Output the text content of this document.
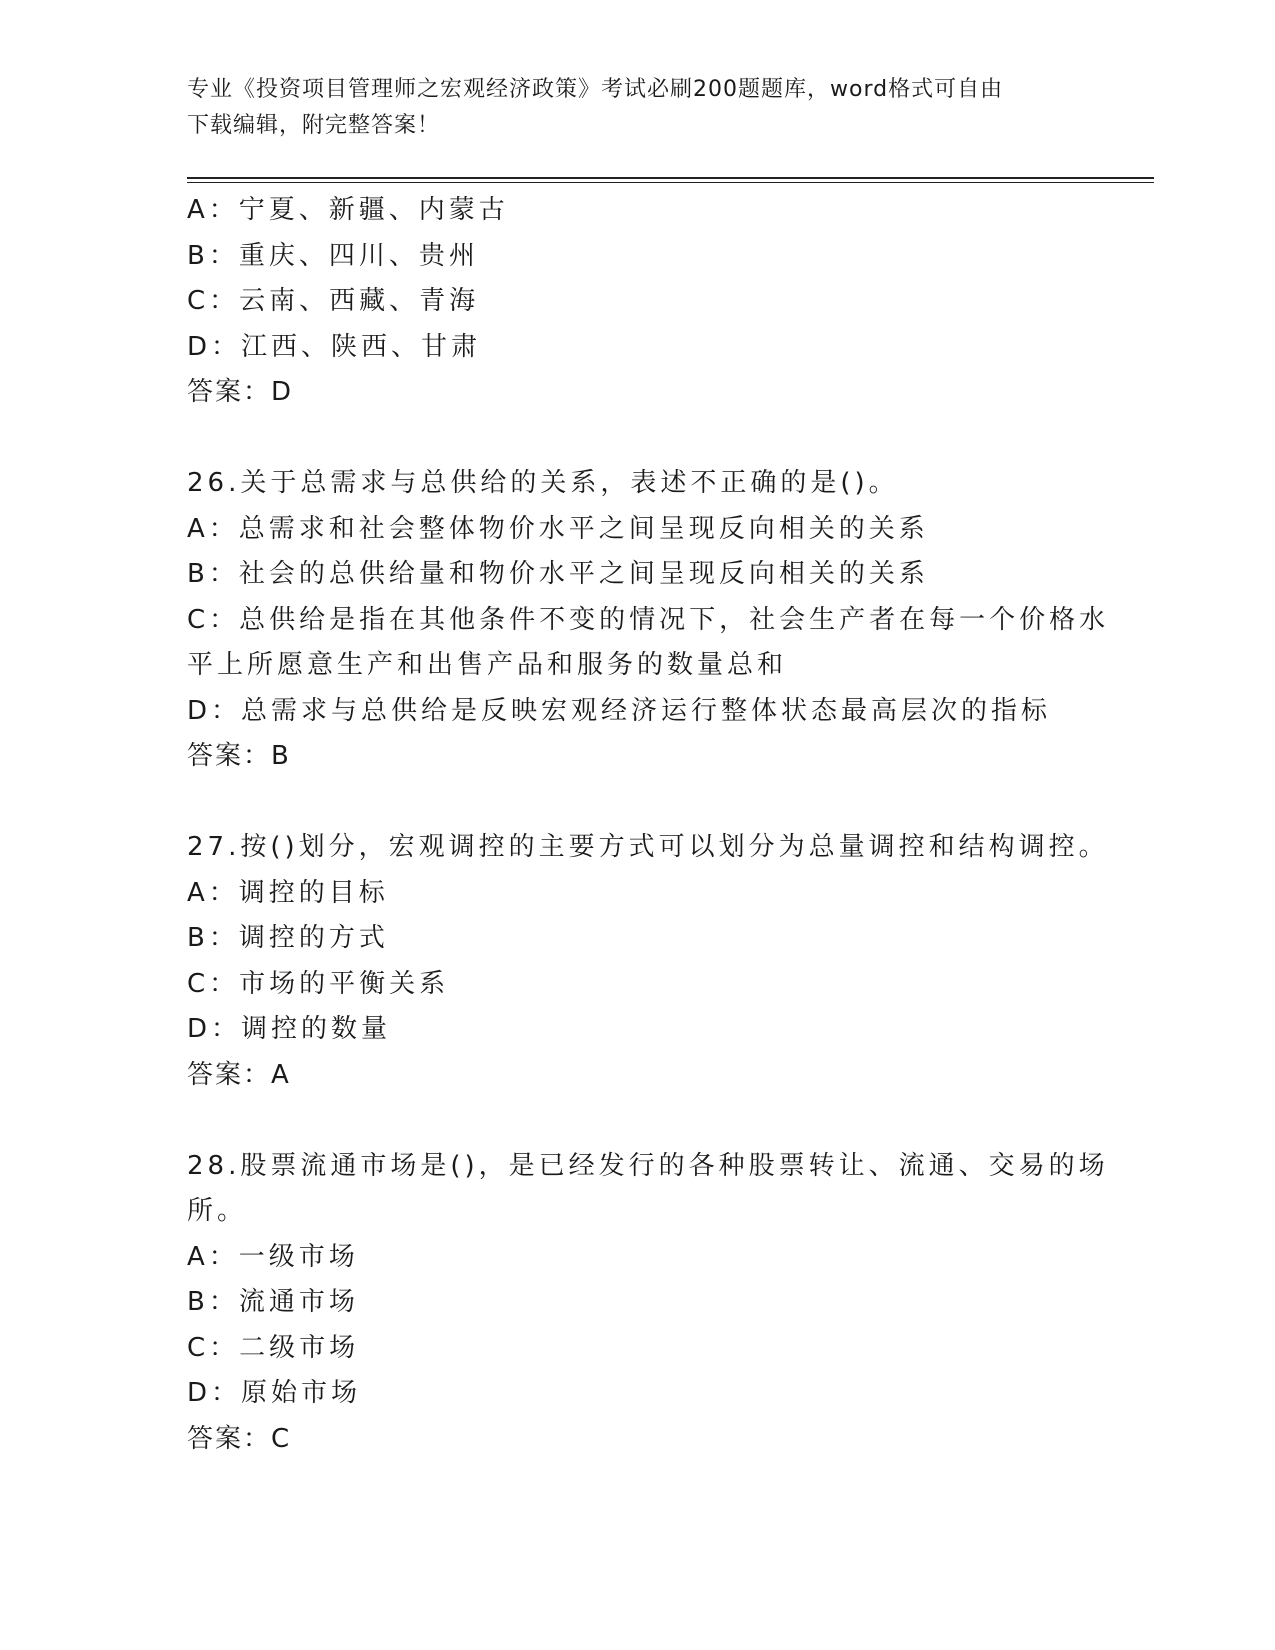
专业《投资项目管理师之宏观经济政策》考试必刷200题题库，word格式可自由
下载编辑，附完整答案！
A：宁夏、新疆、内蒙古
B：重庆、四川、贵州
C：云南、西藏、青海
D：江西、陕西、甘肃
答案：D
26.关于总需求与总供给的关系，表述不正确的是()。
A：总需求和社会整体物价水平之间呈现反向相关的关系
B：社会的总供给量和物价水平之间呈现反向相关的关系
C：总供给是指在其他条件不变的情况下，社会生产者在每一个价格水
平上所愿意生产和出售产品和服务的数量总和
D：总需求与总供给是反映宏观经济运行整体状态最高层次的指标
答案：B
27.按()划分，宏观调控的主要方式可以划分为总量调控和结构调控。
A：调控的目标
B：调控的方式
C：市场的平衡关系
D：调控的数量
答案：A
28.股票流通市场是()，是已经发行的各种股票转让、流通、交易的场
所。
A：一级市场
B：流通市场
C：二级市场
D：原始市场
答案：C
